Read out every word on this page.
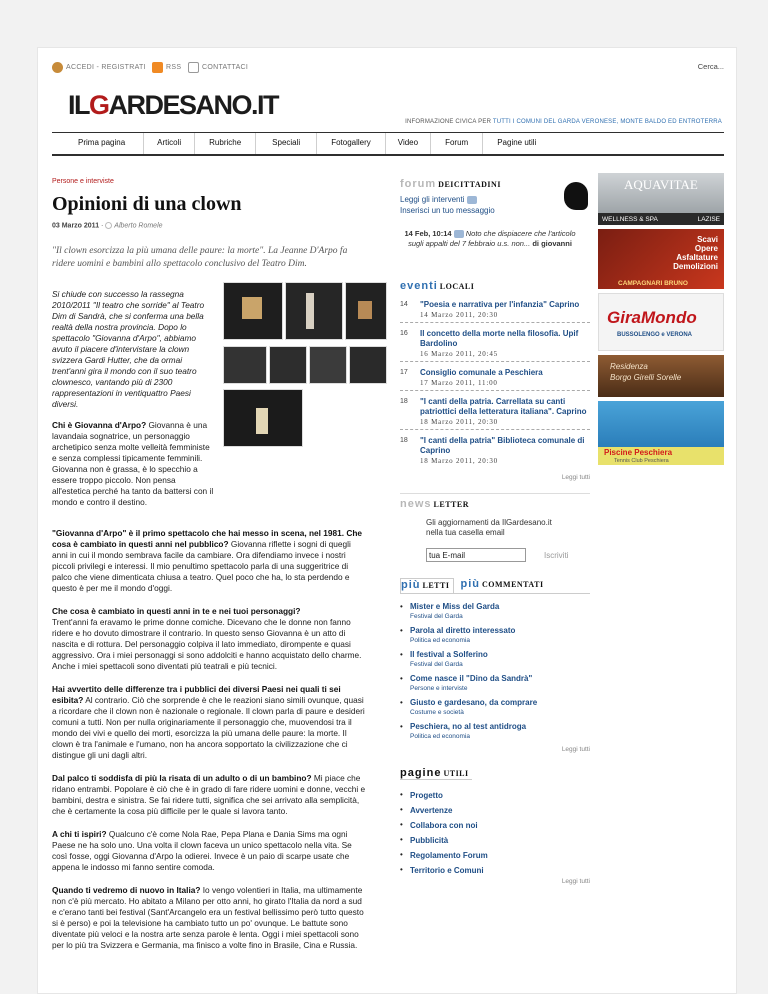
ACCEDI - REGISTRATI	RSS	CONTATTACI	Cerca...
ILGARDESANO.IT
INFORMAZIONE CIVICA PER TUTTI I COMUNI DEL GARDA VERONESE, MONTE BALDO ED ENTROTERRA
Prima pagina	Articoli	Rubriche	Speciali	Fotogallery	Video	Forum	Pagine utili
Persone e interviste
Opinioni di una clown
03 Marzo 2011 ·  Alberto Romele
"Il clown esorcizza la più umana delle paure: la morte". La Jeanne D'Arpo fa ridere uomini e bambini allo spettacolo conclusivo del Teatro Dim.
Si chiude con successo la rassegna 2010/2011 "Il teatro che sorride" al Teatro Dim di Sandrà, che si conferma una bella realtà della nostra provincia. Dopo lo spettacolo "Giovanna d'Arpo", abbiamo avuto il piacere d'intervistare la clown svizzera Gardi Hutter, che da ormai trent'anni gira il mondo con il suo teatro clownesco, vantando più di 2300 rappresentazioni in ventiquattro Paesi diversi.
Chi è Giovanna d'Arpo? Giovanna è una lavandaia sognatrice, un personaggio archetipico senza molte velleità femministe e senza complessi tipicamente femminili. Giovanna non è grassa, è lo specchio a essere troppo piccolo. Non pensa all'estetica perché ha tanto da battersi con il mondo e contro il destino.
"Giovanna d'Arpo" è il primo spettacolo che hai messo in scena, nel 1981. Che cosa è cambiato in questi anni nel pubblico? Giovanna riflette i sogni di quegli anni in cui il mondo sembrava facile da cambiare. Ora difendiamo invece i nostri piccoli privilegi e interessi. Il mio penultimo spettacolo parla di una suggeritrice di palco che viene dimenticata chiusa a teatro. Quel poco che ha, lo sta perdendo e questo è per me il mondo d'oggi.
Che cosa è cambiato in questi anni in te e nei tuoi personaggi?
Trent'anni fa eravamo le prime donne comiche. Dicevano che le donne non fanno ridere e ho dovuto dimostrare il contrario. In questo senso Giovanna è un atto di nascita e di rottura. Del personaggio colpiva il lato immediato, dirompente e quasi aggressivo. Ora i miei personaggi si sono addolciti e hanno acquistato dello charme. Anche i miei spettacoli sono diventati più teatrali e più tecnici.
Hai avvertito delle differenze tra i pubblici dei diversi Paesi nei quali ti sei esibita? Al contrario. Ciò che sorprende è che le reazioni siano simili ovunque, quasi a ricordare che il clown non è nazionale o regionale. Il clown parla di paure e desideri comuni a tutti. Non per nulla originariamente il personaggio che, muovendosi tra il mondo dei vivi e quello dei morti, esorcizza la più umana delle paure: la morte. Il clown è tra l'animale e l'umano, non ha ancora sopportato la civilizzazione che ci distingue gli uni dagli altri.
Dal palco ti soddisfa di più la risata di un adulto o di un bambino? Mi piace che ridano entrambi. Popolare è ciò che è in grado di fare ridere uomini e donne, vecchi e bambini, destra e sinistra. Se fai ridere tutti, significa che sei arrivato alla semplicità, che è certamente la cosa più difficile per le quale si lavora tanto.
A chi ti ispiri? Qualcuno c'è come Nola Rae, Pepa Plana e Dania Sims ma ogni Paese ne ha solo uno. Una volta il clown faceva un unico spettacolo nella vita. Se così fosse, oggi Giovanna d'Arpo la odierei. Invece è un paio di scarpe usate che appena le indosso mi fanno sentire comoda.
Quando ti vedremo di nuovo in Italia? Io vengo volentieri in Italia, ma ultimamente non c'è più mercato. Ho abitato a Milano per otto anni, ho girato l'Italia da nord a sud e c'erano tanti bei festival (Sant'Arcangelo era un festival bellissimo però tutto questo si è perso) e poi la televisione ha cambiato tutto un po' ovunque. Le battute sono diventate più veloci e la nostra arte senza parole è lenta. Oggi i miei spettacoli sono per lo più tra Svizzera e Germania, ma finisco a volte fino in Brasile, Cina e Russia.
forum DEICITTADINI
Leggi gli interventi
Inserisci un tuo messaggio
14 Feb, 10:14 Noto che dispiacere che l'articolo sugli appalti del 7 febbraio u.s. non... di giovanni
eventi LOCALI
14 "Poesia e narrativa per l'infanzia" Caprino
14 Marzo 2011, 20:30
16 Il concetto della morte nella filosofia. Upif Bardolino
16 Marzo 2011, 20:45
17 Consiglio comunale a Peschiera
17 Marzo 2011, 11:00
18 "I canti della patria. Carrellata su canti patriottici della letteratura italiana". Caprino
18 Marzo 2011, 20:30
18 "I canti della patria" Biblioteca comunale di Caprino
18 Marzo 2011, 20:30
Leggi tutti
news LETTER
Gli aggiornamenti da IlGardesano.it nella tua casella email
tua E-mail
Iscriviti
più LETTI più COMMENTATI
• Mister e Miss del Garda
Festival del Garda
• Parola al diretto interessato
Politica ed economia
• Il festival a Solferino
Festival del Garda
• Come nasce il "Dino da Sandrà"
Persone e interviste
• Giusto e gardesano, da comprare
Costume e società
• Peschiera, no al test antidroga
Politica ed economia
Leggi tutti
pagine UTILI
• Progetto
• Avvertenze
• Collabora con noi
• Pubblicità
• Regolamento Forum
• Territorio e Comuni
Leggi tutti
AQUAVITAE
WELLNESS & SPA	LAZISE
Scavi
Opere
Asfaltature
Demolizioni
CAMPAGNARI BRUNO
GiraMondo
BUSSOLENGO e VERONA
Residenza
Borgo Girelli Sorelle
Piscine Peschiera
Tennis Club Peschiera
